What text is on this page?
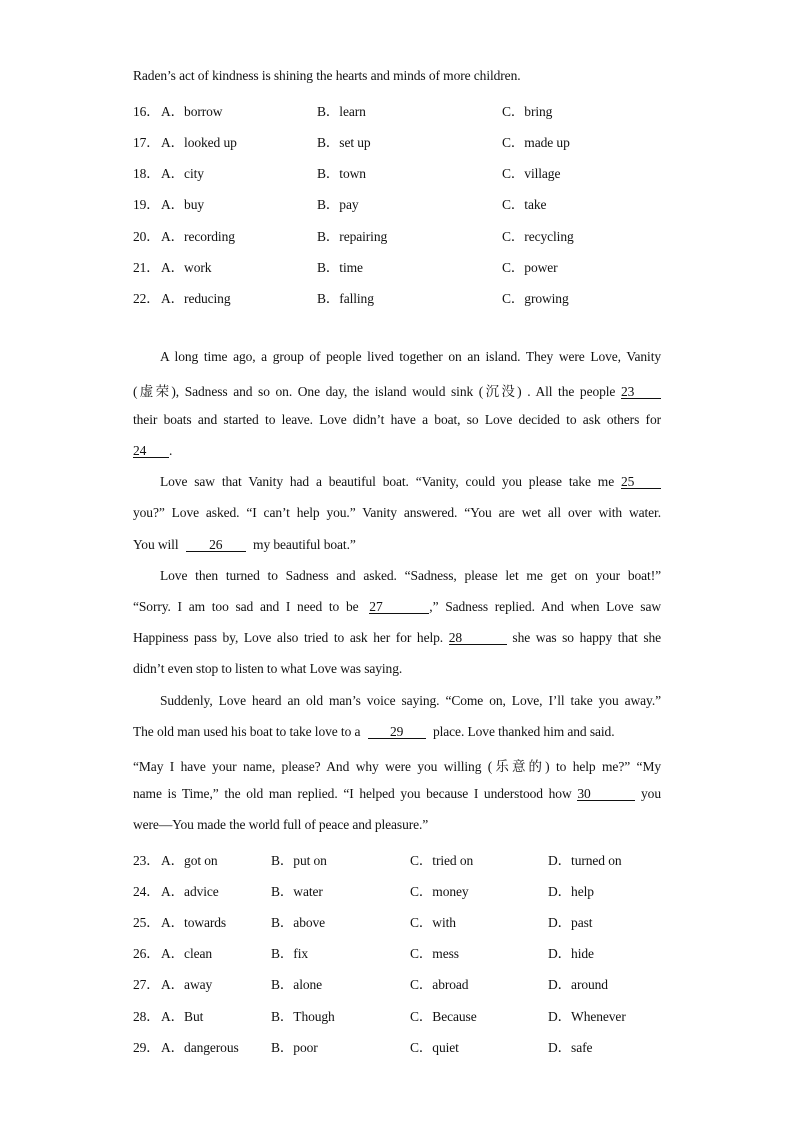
Raden’s act of kindness is shining the hearts and minds of more children.
16． A．borrow	B．learn	C．bring
17． A．looked up	B．set up	C．made up
18． A．city	B．town	C．village
19． A．buy	B．pay	C．take
20． A．recording	B．repairing	C．recycling
21． A．work	B．time	C．power
22． A．reducing	B．falling	C．growing
A long time ago, a group of people lived together on an island. They were Love, Vanity
(虚荣), Sadness and so on. One day, the island would sink (沉没) . All the people 23
their boats and started to leave. Love didn’t have a boat, so Love decided to ask others for
24 .
Love saw that Vanity had a beautiful boat. “Vanity, could you please take me 25
you?” Love asked. “I can’t help you.” Vanity answered. “You are wet all over with water.
You will 26 my beautiful boat.”
Love then turned to Sadness and asked. “Sadness, please let me get on your boat!”
“Sorry. I am too sad and I need to be 27	,” Sadness replied. And when Love saw
Happiness pass by, Love also tried to ask her for help. 28	she was so happy that she
didn’t even stop to listen to what Love was saying.
Suddenly, Love heard an old man’s voice saying. “Come on, Love, I’ll take you away.”
The old man used his boat to take love to a 29 place. Love thanked him and said.
“May I have your name, please? And why were you willing (乐意的) to help me?” “My
name is Time,” the old man replied. “I helped you because I understood how 30	you
were—You made the world full of peace and pleasure.”
23． A．got on	B．put on	C．tried on	D．turned on
24． A．advice	B．water	C．money	D．help
25． A．towards	B．above	C．with	D．past
26． A．clean	B．fix	C．mess	D．hide
27． A．away	B．alone	C．abroad	D．around
28． A．But	B．Though	C．Because	D．Whenever
29． A．dangerous B．poor	C．quiet	D．safe
